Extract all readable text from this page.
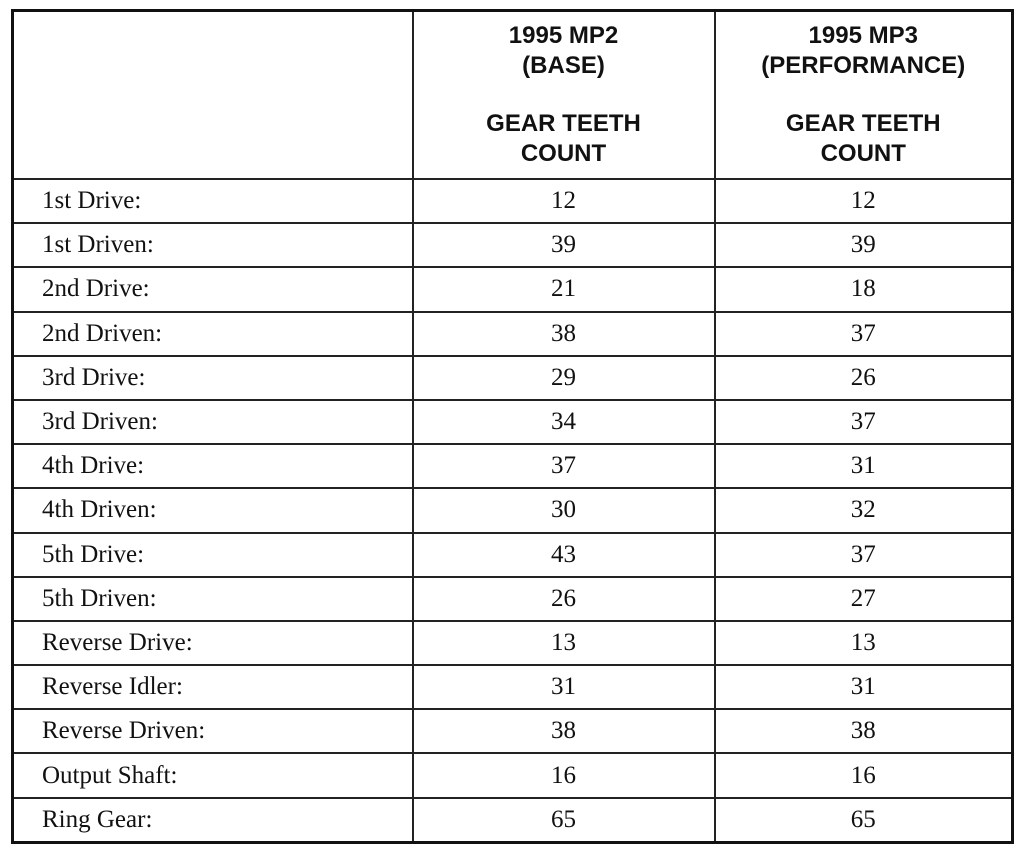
	1995 MP2
(BASE)
GEAR TEETH
COUNT	1995 MP3
(PERFORMANCE)
GEAR TEETH
COUNT

1st Drive:	12	12
1st Driven:	39	39
2nd Drive:	21	18
2nd Driven:	38	37
3rd Drive:	29	26
3rd Driven:	34	37
4th Drive:	37	31
4th Driven:	30	32
5th Drive:	43	37
5th Driven:	26	27
Reverse Drive:	13	13
Reverse Idler:	31	31
Reverse Driven:	38	38
Output Shaft:	16	16
Ring Gear:	65	65
